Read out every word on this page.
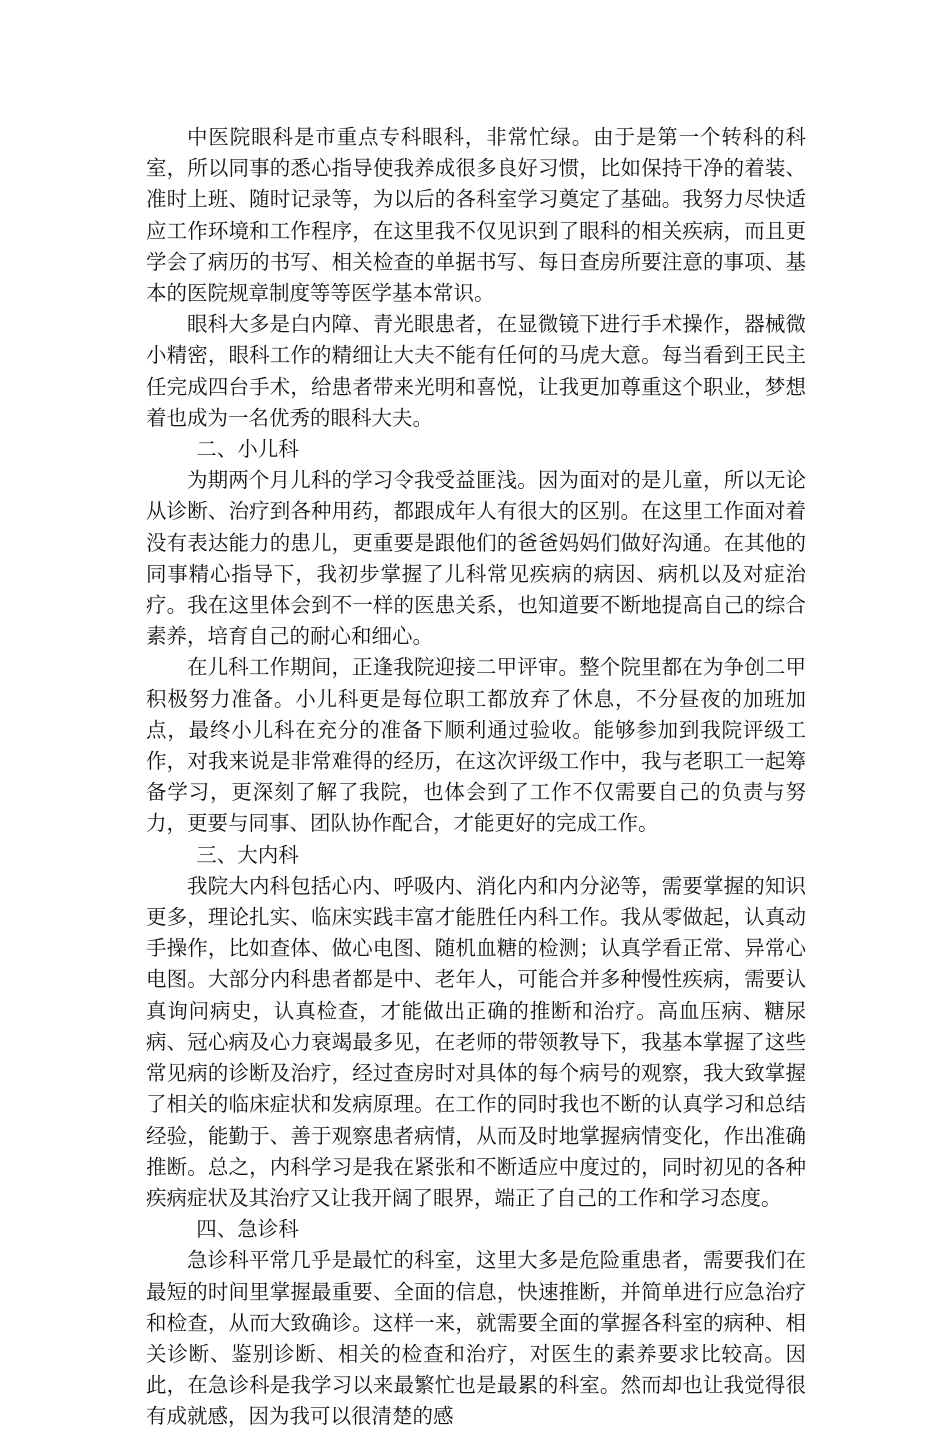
中医院眼科是市重点专科眼科，非常忙绿。由于是第一个转科的科室，所以同事的悉心指导使我养成很多良好习惯，比如保持干净的着装、准时上班、随时记录等，为以后的各科室学习奠定了基础。我努力尽快适应工作环境和工作程序，在这里我不仅见识到了眼科的相关疾病，而且更学会了病历的书写、相关检查的单据书写、每日查房所要注意的事项、基本的医院规章制度等等医学基本常识。

眼科大多是白内障、青光眼患者，在显微镜下进行手术操作，器械微小精密，眼科工作的精细让大夫不能有任何的马虎大意。每当看到王民主任完成四台手术，给患者带来光明和喜悦，让我更加尊重这个职业，梦想着也成为一名优秀的眼科大夫。

二、小儿科

为期两个月儿科的学习令我受益匪浅。因为面对的是儿童，所以无论从诊断、治疗到各种用药，都跟成年人有很大的区别。在这里工作面对着没有表达能力的患儿，更重要是跟他们的爸爸妈妈们做好沟通。在其他的同事精心指导下，我初步掌握了儿科常见疾病的病因、病机以及对症治疗。我在这里体会到不一样的医患关系，也知道要不断地提高自己的综合素养，培育自己的耐心和细心。

在儿科工作期间，正逢我院迎接二甲评审。整个院里都在为争创二甲积极努力准备。小儿科更是每位职工都放弃了休息，不分昼夜的加班加点，最终小儿科在充分的准备下顺利通过验收。能够参加到我院评级工作，对我来说是非常难得的经历，在这次评级工作中，我与老职工一起筹备学习，更深刻了解了我院，也体会到了工作不仅需要自己的负责与努力，更要与同事、团队协作配合，才能更好的完成工作。

三、大内科

我院大内科包括心内、呼吸内、消化内和内分泌等，需要掌握的知识更多，理论扎实、临床实践丰富才能胜任内科工作。我从零做起，认真动手操作，比如查体、做心电图、随机血糖的检测；认真学看正常、异常心电图。大部分内科患者都是中、老年人，可能合并多种慢性疾病，需要认真询问病史，认真检查，才能做出正确的推断和治疗。高血压病、糖尿病、冠心病及心力衰竭最多见，在老师的带领教导下，我基本掌握了这些常见病的诊断及治疗，经过查房时对具体的每个病号的观察，我大致掌握了相关的临床症状和发病原理。在工作的同时我也不断的认真学习和总结经验，能勤于、善于观察患者病情，从而及时地掌握病情变化，作出准确推断。总之，内科学习是我在紧张和不断适应中度过的，同时初见的各种疾病症状及其治疗又让我开阔了眼界，端正了自己的工作和学习态度。

四、急诊科

急诊科平常几乎是最忙的科室，这里大多是危险重患者，需要我们在最短的时间里掌握最重要、全面的信息，快速推断，并简单进行应急治疗和检查，从而大致确诊。这样一来，就需要全面的掌握各科室的病种、相关诊断、鉴别诊断、相关的检查和治疗，对医生的素养要求比较高。因此，在急诊科是我学习以来最繁忙也是最累的科室。然而却也让我觉得很有成就感，因为我可以很清楚的感
